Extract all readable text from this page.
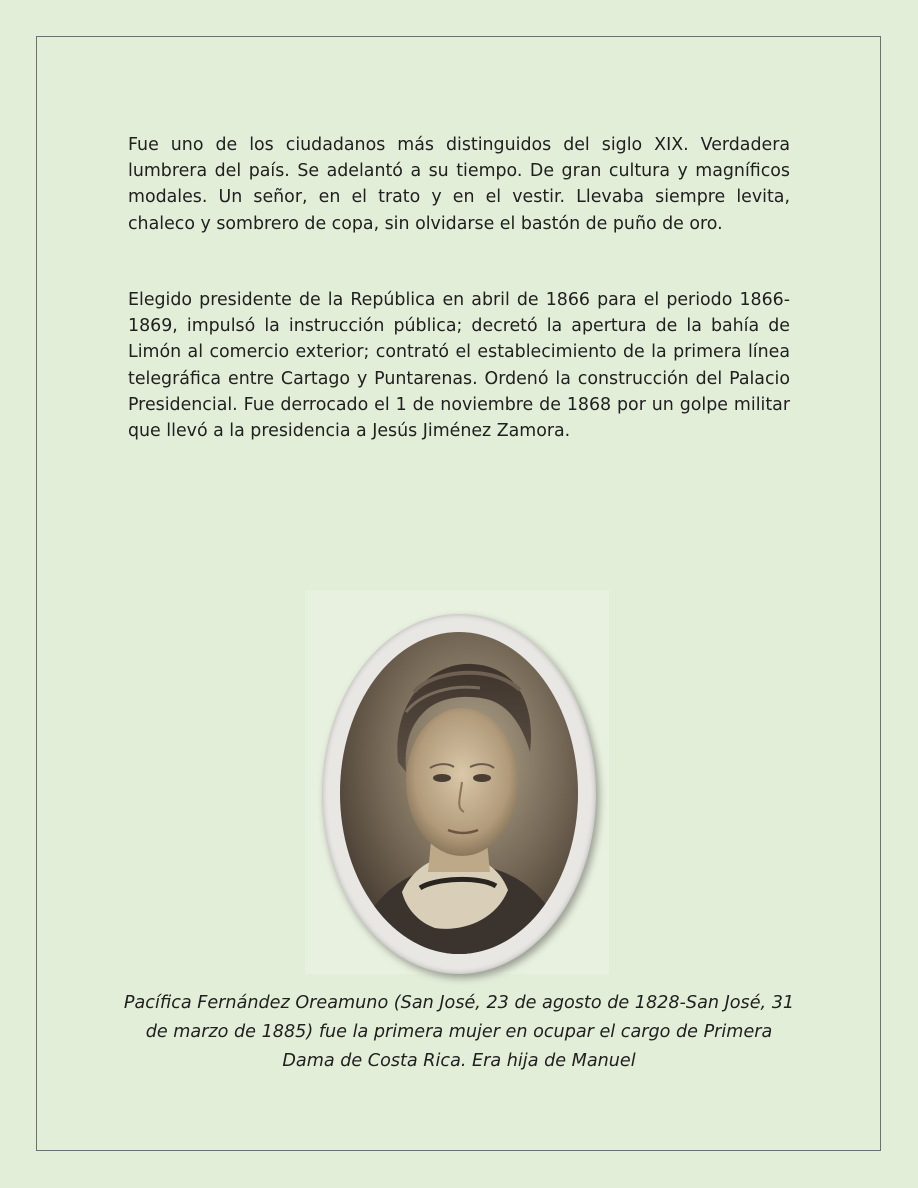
Fue uno de los ciudadanos más distinguidos del siglo XIX. Verdadera lumbrera del país. Se adelantó a su tiempo. De gran cultura y magníficos modales. Un señor, en el trato y en el vestir. Llevaba siempre levita, chaleco y sombrero de copa, sin olvidarse el bastón de puño de oro.

Elegido presidente de la República en abril de 1866 para el periodo 1866-1869, impulsó la instrucción pública; decretó la apertura de la bahía de Limón al comercio exterior; contrató el establecimiento de la primera línea telegráfica entre Cartago y Puntarenas. Ordenó la construcción del Palacio Presidencial. Fue derrocado el 1 de noviembre de 1868 por un golpe militar que llevó a la presidencia a Jesús Jiménez Zamora.

Pacífica Fernández Oreamuno (San José, 23 de agosto de 1828-San José, 31 de marzo de 1885) fue la primera mujer en ocupar el cargo de Primera Dama de Costa Rica. Era hija de Manuel
